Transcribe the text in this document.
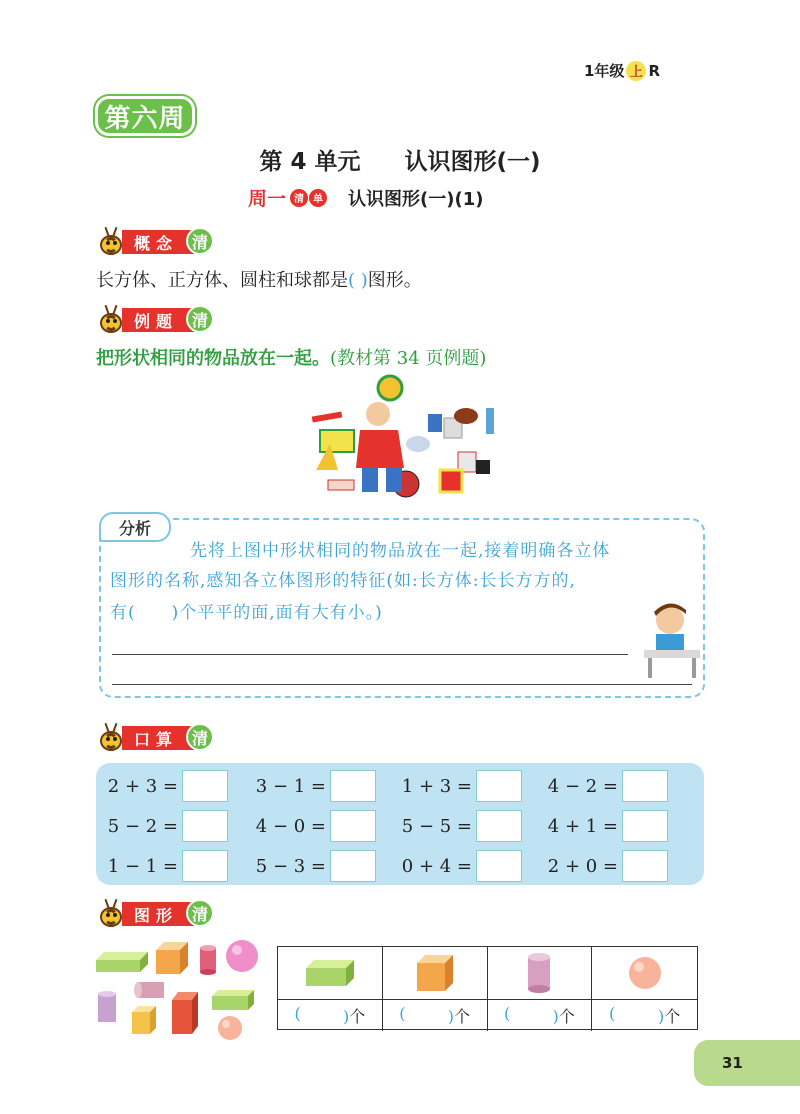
1年级 上 R
第六周
第 4 单元 认识图形(一)
周一 清 单 认识图形(一)(1)
概念 清
长方体、正方体、圆柱和球都是( )图形。
例题 清
把形状相同的物品放在一起。(教材第 34 页例题)
分析
先将上图中形状相同的物品放在一起,接着明确各立体
图形的名称,感知各立体图形的特征(如:长方体:长长方方的,
有( )个平平的面,面有大有小。)
口算 清
2 + 3 =	3 − 1 =	1 + 3 =	4 − 2 =
5 − 2 =	4 − 0 =	5 − 5 =	4 + 1 =
1 − 1 =	5 − 3 =	0 + 4 =	2 + 0 =
图形 清
(	)个 (	)个 (	)个 (	)个
31
